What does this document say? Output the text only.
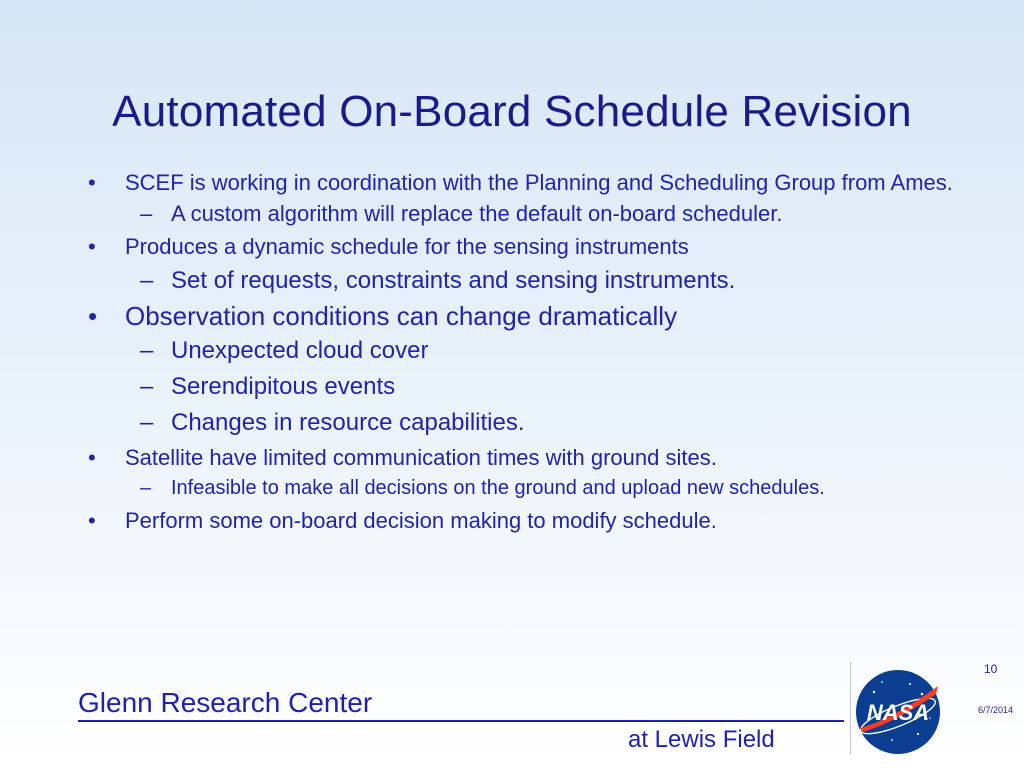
Automated On-Board Schedule Revision
• SCEF is working in coordination with the Planning and Scheduling Group from Ames.
– A custom algorithm will replace the default on-board scheduler.
• Produces a dynamic schedule for the sensing instruments
– Set of requests, constraints and sensing instruments.
• Observation conditions can change dramatically
– Unexpected cloud cover
– Serendipitous events
– Changes in resource capabilities.
• Satellite have limited communication times with ground sites.
– Infeasible to make all decisions on the ground and upload new schedules.
• Perform some on-board decision making to modify schedule.
Glenn Research Center
at Lewis Field
NASA
10
6/7/2014
